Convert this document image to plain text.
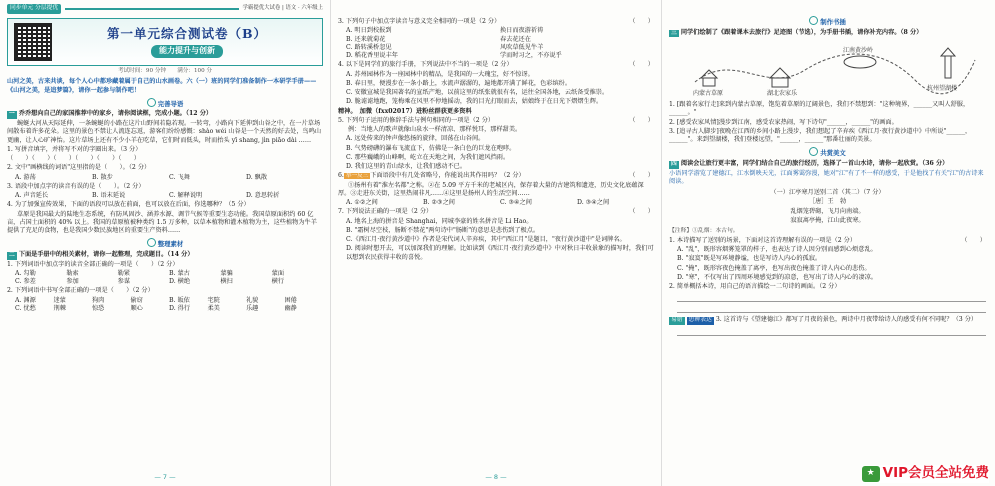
同步单元 分层提优	学霸提优大试卷 | 语文 · 六年级上
第一单元综合测试卷（B）
能力提升与创新
考试时间：90 分钟　　满分：100 分
山河之美，古来共谈，每个人心中都珍藏着属于自己的山水画卷。六（一）班的同学们准备制作一本研学手册——《山河之美，是追梦篇》，请你一起参与制作吧！
完善导语
一 乔乔想向自己的家国推荐中的家乡，请你阅读框，完成小题。（12 分）
蜿蜒大河从天际延伸，一条蜿蜒的小路在这片山野间若隐若现。一转弯，小路向下延伸到山谷之中，在一片草场间散布着许多花朵。这里的景色不禁让人流连忘返，游客们纷纷感慨：shào wéi 山谷是一个天然的好去处，鸟鸣山更幽，让人心旷神怡。这片草场上还有不少小羊在吃草，它们时而低头，时而抬头 yī shang, jìn piāo dài ……
1. 写拼音填字，并将写不对的字圈出来。（3 分）
（　　）（　　）（　　）（　　）（　　）（　　）
2. 文中"画横线的词语"这里指的是（　　）。（2 分）
A. 游荡	B. 散步	C. 飞舞	D. 飘散
3. 语段中加点字的读音有误的是（　　）。（2 分）
A. 声音延长	B. 语末延说	C. 解释说明	D. 意思转折
4. 为了加强宣传效果，下面的语段可以放在前面，也可以放在后面，你选哪种？（5 分）
草原是我国最大的陆地生态系统，有防风固沙、涵养水源、调节气候等重要生态功能。我国草原面积约 60 亿亩，占国土面积的 40% 以上。我国的草原植被种类约 1.5 万多种，以草本植物和灌木植物为主，这些植物为牛羊提供了充足的食物，也是我国少数民族地区的重要生产资料……
整理素材
二 下面是手册中的相关素材，请你一起整理，完成题目。（14 分）
1. 下列词语中加点字的读音全部正确的一项是（　　）（2 分）
A. 勾勒	勒索	勒紧	B. 蒙古	蒙骗	蒙面
C. 参差	参加	参谋	D. 横绝	横扫	横行
2. 下列词语中书写全部正确的一项是（　　）（2 分）
A. 渊源	迷蒙	狗肉	偷窃	B. 皈依	宅院	礼貌	困倦
C. 忧愁	荆棘	惊恐	顺心	D. 得行	柔美	乐趣	幽静
— 7 —
3. 下列句子中加点字读音与意义完全相同的一项是（2 分）	（　　）
A. 明日到校报到	换日而夜游祈祷
B. 还来就菊花	春去花还在
C. 路转溪桥忽见	风吹草低见牛羊
D. 稻花香里说丰年	学而时习之，不亦说乎
4. 以下是同学们的旅行手册，下列说法中不当的一项是（2 分）	（　　）
A. 苏州园林作为一座园林中的精品，是我国的一大瑰宝，好不惊讶。
B. 春日里，便漫步在一条小路上，水流声潺潺的，遍地都开满了鲜花，色彩缤纷。
C. 安徽宣城是我国著名的宣纸产地，以前这里的纸张就很有名，运往全国各地，云纸备受推崇。
D. 脆谑谑地跑，笼梅乘在风里不停地摇动，我的目光打眼而去，姑娘终于在日光下熠熠生辉。
精神。　加微（fxx0201​7）进粉丝群获更多资料
5. 下列句子运用的修辞手法与例句相同的一项是（2 分）	（　　）
例：当地人的歌声就像山泉水一样清凉、那样悦耳，那样甜美。
A. 远处传来的钟声像悠扬的旋律，回荡在山谷间。
B. 气势磅礴的瀑布飞流直下，仿佛是一条白色的巨龙在咆哮。
C. 那些巍峨的山峰啊，屹立在天地之间，为我们遮风挡雨。
D. 我们这里的青山绿水，让我们感动不已。
6. 举一反三 下面语段中有几处省略号，你能说出其作用吗？（2 分）	（　　）
①扬州有着"淮左名都"之称。②在 5.09 平方千米的老城区内，保存着大量的古建筑和遗迹，历史文化底蕴深厚。③走进东关街，这里热闹非凡……④这里是扬州人的生活空间……
A. ①②之间	B. ②③之间	C. ③④之间	D. ③④之间
7. 下列说法正确的一项是（2 分）	（　　）
A. 地名上海的拼音是 Shanghai，同城李豪的姓名拼音是 Li Hao。
B. "霜树尽空枝，肠断不禁花"两句诗中"肠断"的意思是悲伤到了极点。
C.《西江月·夜行黄沙道中》作者是宋代词人辛弃疾，其中"西江月"是题目，"夜行黄沙道中"是词牌名。
D. 阅读时想开去，可以加深我们的理解。比如读到《西江月·夜行黄沙道中》中对秋日丰收景象的描写时，我们可以想到农民获得丰收的喜悦。
— 8 —
制作书插
三 同学们绘制了《跟着课本去旅行》足迹图（节选），为手册书插，请你补充内容。（8 分）
内蒙古草原	湖北农家乐
江南黄沙岭
杭州望湖楼
1. [跟着名家行走]来到内蒙古草原，饱览着草原的辽阔景色，我们不禁想到："这种境界，______又叫人舒服，______。"
2. [感受农家风情]漫步到江南，感受农家热闹，写下诗句"______，______"的画面。
3. [追寻古人脚步]夜晚在江西的乡间小路上漫步，我们想起了辛弃疾《西江月·夜行黄沙道中》中所说"______，______"。来到望湖楼，我们登楼远望，"______，______"那番壮丽的美景。
共赏美文
四 阅读会让旅行更丰富，同学们结合自己的旅行经历，选择了一首山水诗，请你一起欣赏。（36 分）
小语同学游览了建德江，江水倒映天光，江面雾霭弥漫，她对"江"有了不一样的感受，于是他找了有关"江"的古诗来阅读。
（一）江亭寒月送别二首（其二）（7 分）
［唐］王　勃
乱烟笼碧砌，飞月向南端。
寂寂离亭掩，江山此夜寒。
【注释】①乱烟：本古句。
1. 本诗描写了送别的场景，下面对这首诗理解有误的一项是（2 分）	（　　）
A. "乱"，既形容烟雾笼罩的样子，也表达了诗人因分别而感到心烦意乱。
B. "寂寞"既是写环境静谧，也是写诗人内心的孤寂。
C. "掩"，既形容夜色掩盖了离亭，也写出夜色掩盖了诗人内心的悲伤。
D. "寒"，不仅写出了四周环境感觉到的凉意，也写出了诗人内心的凄凉。
2. 简单概括本诗，用自己的语言描绘一二句诗的画面。（2 分）
易错 思辨表达 3. 这首诗与《望建德江》都写了月夜的景色，两诗中月夜带给诗人的感受有何不同呢？（3 分）
★ VIP会员全站免费
